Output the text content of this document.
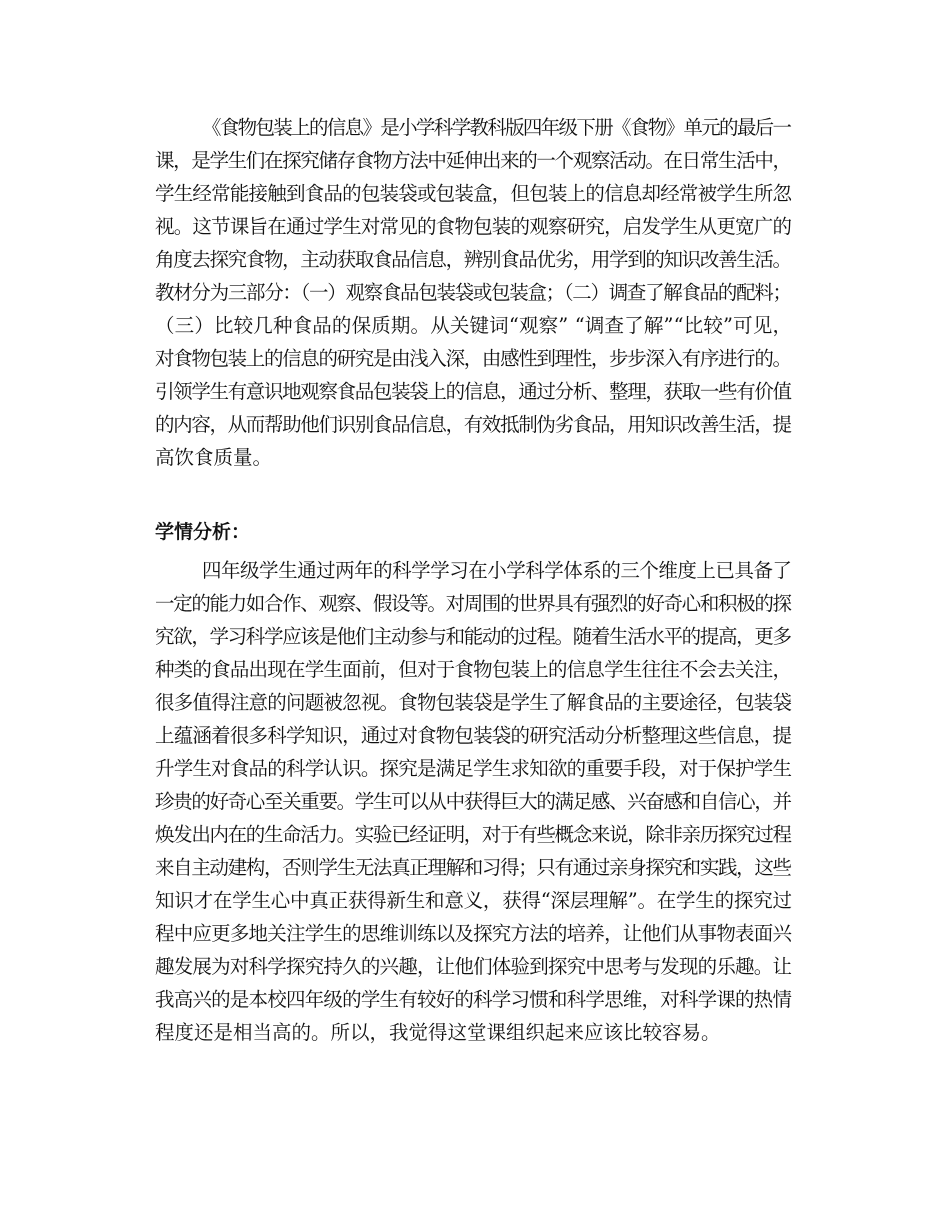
《食物包装上的信息》是小学科学教科版四年级下册《食物》单元的最后一
课，是学生们在探究储存食物方法中延伸出来的一个观察活动。在日常生活中，
学生经常能接触到食品的包装袋或包装盒，但包装上的信息却经常被学生所忽
视。这节课旨在通过学生对常见的食物包装的观察研究，启发学生从更宽广的
角度去探究食物，主动获取食品信息，辨别食品优劣，用学到的知识改善生活。
教材分为三部分：（一）观察食品包装袋或包装盒；（二）调查了解食品的配料；
（三）比较几种食品的保质期。从关键词“观察” “调查了解”“比较”可见，
对食物包装上的信息的研究是由浅入深，由感性到理性，步步深入有序进行的。
引领学生有意识地观察食品包装袋上的信息，通过分析、整理，获取一些有价值
的内容，从而帮助他们识别食品信息，有效抵制伪劣食品，用知识改善生活，提
高饮食质量。
学情分析：
四年级学生通过两年的科学学习在小学科学体系的三个维度上已具备了
一定的能力如合作、观察、假设等。对周围的世界具有强烈的好奇心和积极的探
究欲，学习科学应该是他们主动参与和能动的过程。随着生活水平的提高，更多
种类的食品出现在学生面前，但对于食物包装上的信息学生往往不会去关注，
很多值得注意的问题被忽视。食物包装袋是学生了解食品的主要途径，包装袋
上蕴涵着很多科学知识，通过对食物包装袋的研究活动分析整理这些信息，提
升学生对食品的科学认识。探究是满足学生求知欲的重要手段，对于保护学生
珍贵的好奇心至关重要。学生可以从中获得巨大的满足感、兴奋感和自信心，并
焕发出内在的生命活力。实验已经证明，对于有些概念来说，除非亲历探究过程
来自主动建构，否则学生无法真正理解和习得；只有通过亲身探究和实践，这些
知识才在学生心中真正获得新生和意义，获得“深层理解”。在学生的探究过
程中应更多地关注学生的思维训练以及探究方法的培养，让他们从事物表面兴
趣发展为对科学探究持久的兴趣，让他们体验到探究中思考与发现的乐趣。让
我高兴的是本校四年级的学生有较好的科学习惯和科学思维，对科学课的热情
程度还是相当高的。所以，我觉得这堂课组织起来应该比较容易。
